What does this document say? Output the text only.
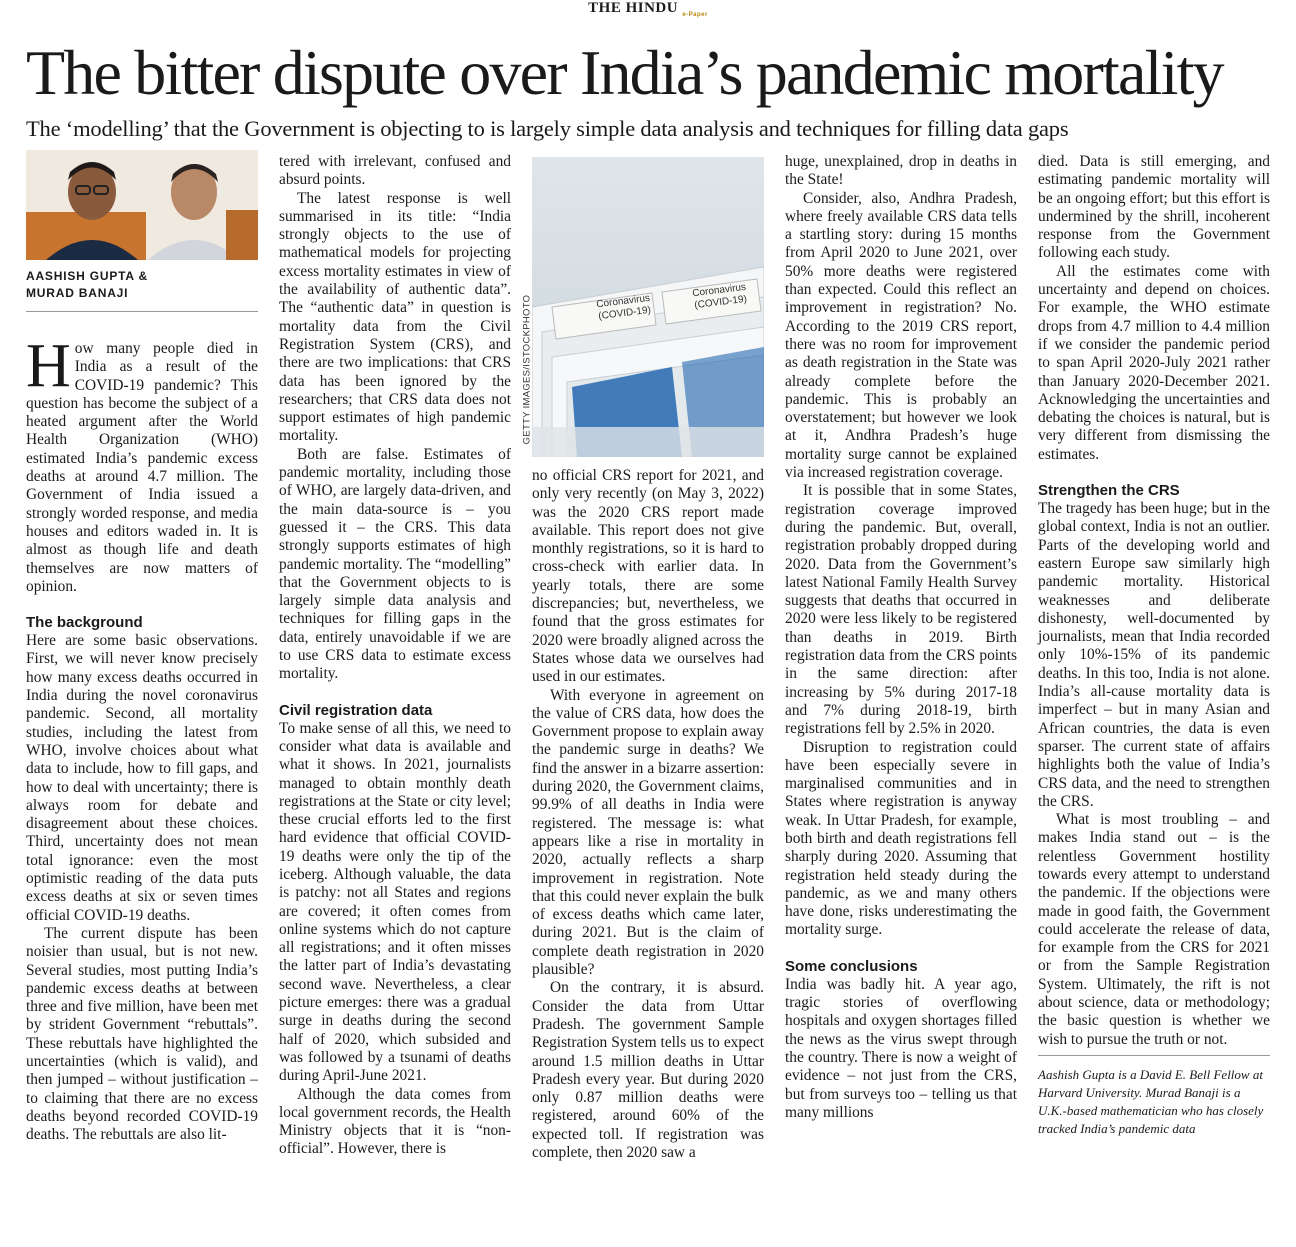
THE HINDU $_{e-Paper}$
The bitter dispute over India’s pandemic mortality
The ‘modelling’ that the Government is objecting to is largely simple data analysis and techniques for filling data gaps
AASHISH GUPTA &
MURAD BANAJI

How many people died in India as a result of the COVID-19 pandemic? This question has become the subject of a heated argument after the World Health Organization (WHO) estimated India’s pandemic excess deaths at around 4.7 million. The Government of India issued a strongly worded response, and media houses and editors waded in. It is almost as though life and death themselves are now matters of opinion.

The background

Here are some basic observations. First, we will never know precisely how many excess deaths occurred in India during the novel coronavirus pandemic. Second, all mortality studies, including the latest from WHO, involve choices about what data to include, how to fill gaps, and how to deal with uncertainty; there is always room for debate and disagreement about these choices. Third, uncertainty does not mean total ignorance: even the most optimistic reading of the data puts excess deaths at six or seven times official COVID-19 deaths.

The current dispute has been noisier than usual, but is not new. Several studies, most putting India’s pandemic excess deaths at between three and five million, have been met by strident Government “rebuttals”. These rebuttals have highlighted the uncertainties (which is valid), and then jumped – without justification – to claiming that there are no excess deaths beyond recorded COVID-19 deaths. The rebuttals are also lit-

tered with irrelevant, confused and absurd points.

The latest response is well summarised in its title: “India strongly objects to the use of mathematical models for projecting excess mortality estimates in view of the availability of authentic data”. The “authentic data” in question is mortality data from the Civil Registration System (CRS), and there are two implications: that CRS data has been ignored by the researchers; that CRS data does not support estimates of high pandemic mortality.

Both are false. Estimates of pandemic mortality, including those of WHO, are largely data-driven, and the main data-source is – you guessed it – the CRS. This data strongly supports estimates of high pandemic mortality. The “modelling” that the Government objects to is largely simple data analysis and techniques for filling gaps in the data, entirely unavoidable if we are to use CRS data to estimate excess mortality.

Civil registration data

To make sense of all this, we need to consider what data is available and what it shows. In 2021, journalists managed to obtain monthly death registrations at the State or city level; these crucial efforts led to the first hard evidence that official COVID-19 deaths were only the tip of the iceberg. Although valuable, the data is patchy: not all States and regions are covered; it often comes from online systems which do not capture all registrations; and it often misses the latter part of India’s devastating second wave. Nevertheless, a clear picture emerges: there was a gradual surge in deaths during the second half of 2020, which subsided and was followed by a tsunami of deaths during April-June 2021.

Although the data comes from local government records, the Health Ministry objects that it is “non-official”. However, there is

Coronavirus (COVID-19)
Coronavirus (COVID-19)
GETTY IMAGES/ISTOCKPHOTO

no official CRS report for 2021, and only very recently (on May 3, 2022) was the 2020 CRS report made available. This report does not give monthly registrations, so it is hard to cross-check with earlier data. In yearly totals, there are some discrepancies; but, nevertheless, we found that the gross estimates for 2020 were broadly aligned across the States whose data we ourselves had used in our estimates.

With everyone in agreement on the value of CRS data, how does the Government propose to explain away the pandemic surge in deaths? We find the answer in a bizarre assertion: during 2020, the Government claims, 99.9% of all deaths in India were registered. The message is: what appears like a rise in mortality in 2020, actually reflects a sharp improvement in registration. Note that this could never explain the bulk of excess deaths which came later, during 2021. But is the claim of complete death registration in 2020 plausible?

On the contrary, it is absurd. Consider the data from Uttar Pradesh. The government Sample Registration System tells us to expect around 1.5 million deaths in Uttar Pradesh every year. But during 2020 only 0.87 million deaths were registered, around 60% of the expected toll. If registration was complete, then 2020 saw a

huge, unexplained, drop in deaths in the State!

Consider, also, Andhra Pradesh, where freely available CRS data tells a startling story: during 15 months from April 2020 to June 2021, over 50% more deaths were registered than expected. Could this reflect an improvement in registration? No. According to the 2019 CRS report, there was no room for improvement as death registration in the State was already complete before the pandemic. This is probably an overstatement; but however we look at it, Andhra Pradesh’s huge mortality surge cannot be explained via increased registration coverage.

It is possible that in some States, registration coverage improved during the pandemic. But, overall, registration probably dropped during 2020. Data from the Government’s latest National Family Health Survey suggests that deaths that occurred in 2020 were less likely to be registered than deaths in 2019. Birth registration data from the CRS points in the same direction: after increasing by 5% during 2017-18 and 7% during 2018-19, birth registrations fell by 2.5% in 2020.

Disruption to registration could have been especially severe in marginalised communities and in States where registration is anyway weak. In Uttar Pradesh, for example, both birth and death registrations fell sharply during 2020. Assuming that registration held steady during the pandemic, as we and many others have done, risks underestimating the mortality surge.

Some conclusions

India was badly hit. A year ago, tragic stories of overflowing hospitals and oxygen shortages filled the news as the virus swept through the country. There is now a weight of evidence – not just from the CRS, but from surveys too – telling us that many millions

died. Data is still emerging, and estimating pandemic mortality will be an ongoing effort; but this effort is undermined by the shrill, incoherent response from the Government following each study.

All the estimates come with uncertainty and depend on choices. For example, the WHO estimate drops from 4.7 million to 4.4 million if we consider the pandemic period to span April 2020-July 2021 rather than January 2020-December 2021. Acknowledging the uncertainties and debating the choices is natural, but is very different from dismissing the estimates.

Strengthen the CRS

The tragedy has been huge; but in the global context, India is not an outlier. Parts of the developing world and eastern Europe saw similarly high pandemic mortality. Historical weaknesses and deliberate dishonesty, well-documented by journalists, mean that India recorded only 10%-15% of its pandemic deaths. In this too, India is not alone. India’s all-cause mortality data is imperfect – but in many Asian and African countries, the data is even sparser. The current state of affairs highlights both the value of India’s CRS data, and the need to strengthen the CRS.

What is most troubling – and makes India stand out – is the relentless Government hostility towards every attempt to understand the pandemic. If the objections were made in good faith, the Government could accelerate the release of data, for example from the CRS for 2021 or from the Sample Registration System. Ultimately, the rift is not about science, data or methodology; the basic question is whether we wish to pursue the truth or not.

Aashish Gupta is a David E. Bell Fellow at Harvard University. Murad Banaji is a U.K.-based mathematician who has closely tracked India’s pandemic data
